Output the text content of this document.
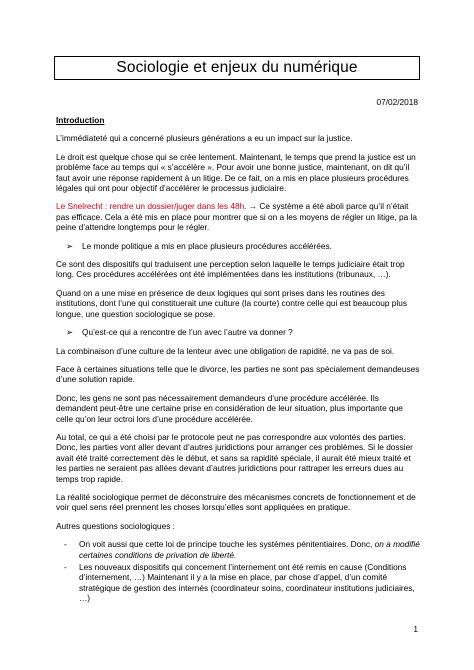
Sociologie et enjeux du numérique
07/02/2018
Introduction

L’immédiateté qui a concerné plusieurs générations a eu un impact sur la justice.

Le droit est quelque chose qui se crée lentement. Maintenant, le temps que prend la justice est un problème face au temps qui « s’accélère ». Pour avoir une bonne justice, maintenant, on dit qu’il faut avoir une réponse rapidement à un litige. De ce fait, on a mis en place plusieurs procédures légales qui ont pour objectif d’accélérer le processus judiciaire.

Le Snelrecht : rendre un dossier/juger dans les 48h. → Ce système a été aboli parce qu’il n’était pas efficace. Cela a été mis en place pour montrer que si on a les moyens de régler un litige, pa la peine d’attendre longtemps pour le régler.

➢	Le monde politique a mis en place plusieurs procédures accélérées.

Ce sont des dispositifs qui traduisent une perception selon laquelle le temps judiciaire était trop long. Ces procédures accélérées ont été implémentées dans les institutions (tribunaux, …).

Quand on a une mise en présence de deux logiques qui sont prises dans les routines des institutions, dont l’une qui constituerait une culture (la courte) contre celle qui est beaucoup plus longue, une question sociologique se pose.

➢	Qu’est-ce qui a rencontre de l’un avec l’autre va donner ?

La combinaison d’une culture de la lenteur avec une obligation de rapidité, ne va pas de soi.

Face à certaines situations telle que le divorce, les parties ne sont pas spécialement demandeuses d’une solution rapide.

Donc, les gens ne sont pas nécessairement demandeurs d’une procédure accélérée. Ils demandent peut-être une certaine prise en considération de leur situation, plus importante que celle qu’on leur octroi lors d’une procédure accélérée.

Au total, ce qui a été choisi par le protocole peut ne pas correspondre aux volontés des parties. Donc, les parties vont aller devant d’autres juridictions pour arranger ces problèmes. Si le dossier avait été traité correctement dès le début, et sans sa rapidité spéciale, il aurait été mieux traité et les parties ne seraient pas allées devant d’autres juridictions pour rattraper les erreurs dues au temps trop rapide.

La réalité sociologique permet de déconstruire des mécanismes concrets de fonctionnement et de voir quel sens réel prennent les choses lorsqu’elles sont appliquées en pratique.

Autres questions sociologiques :

-	On voit aussi que cette loi de principe touche les systèmes pénitentiaires. Donc, on a modifié certaines conditions de privation de liberté.
-	Les nouveaux dispositifs qui concernent l’internement ont été remis en cause (Conditions d’internement, …) Maintenant il y a la mise en place, par chose d’appel, d’un comité stratégique de gestion des internés (coordinateur soins, coordinateur institutions judiciaires, …)
1
